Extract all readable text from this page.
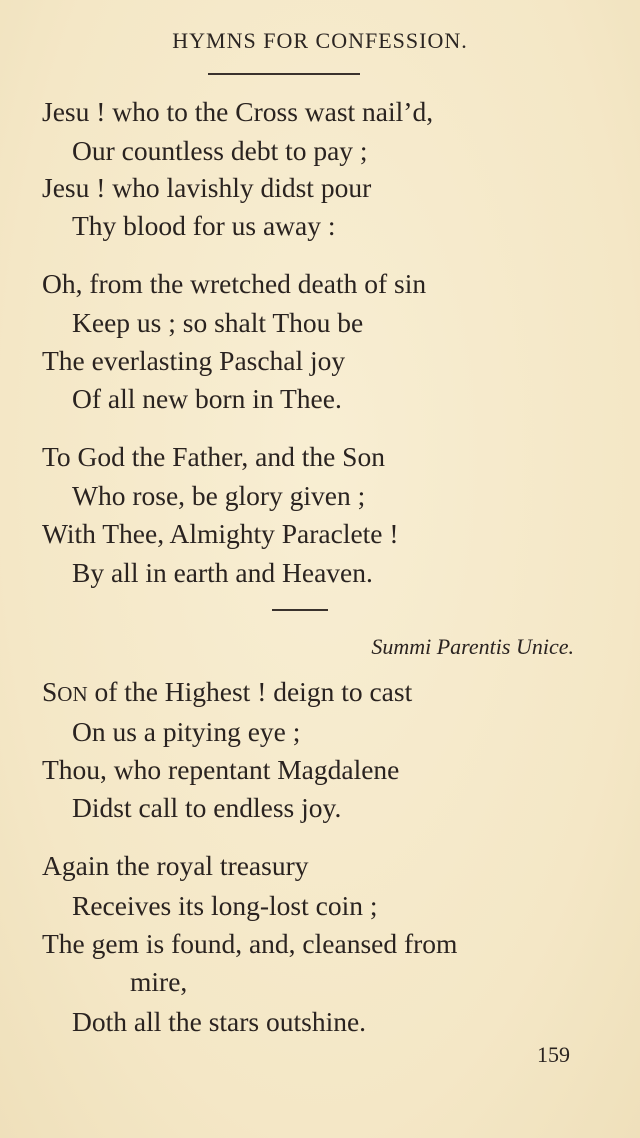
HYMNS FOR CONFESSION.
Jesu ! who to the Cross wast nail’d,
Our countless debt to pay ;
Jesu ! who lavishly didst pour
Thy blood for us away :
Oh, from the wretched death of sin
Keep us ; so shalt Thou be
The everlasting Paschal joy
Of all new born in Thee.
To God the Father, and the Son
Who rose, be glory given ;
With Thee, Almighty Paraclete !
By all in earth and Heaven.
Summi Parentis Unice.
SON of the Highest ! deign to cast
On us a pitying eye ;
Thou, who repentant Magdalene
Didst call to endless joy.
Again the royal treasury
Receives its long-lost coin ;
The gem is found, and, cleansed from
mire,
Doth all the stars outshine.
159
